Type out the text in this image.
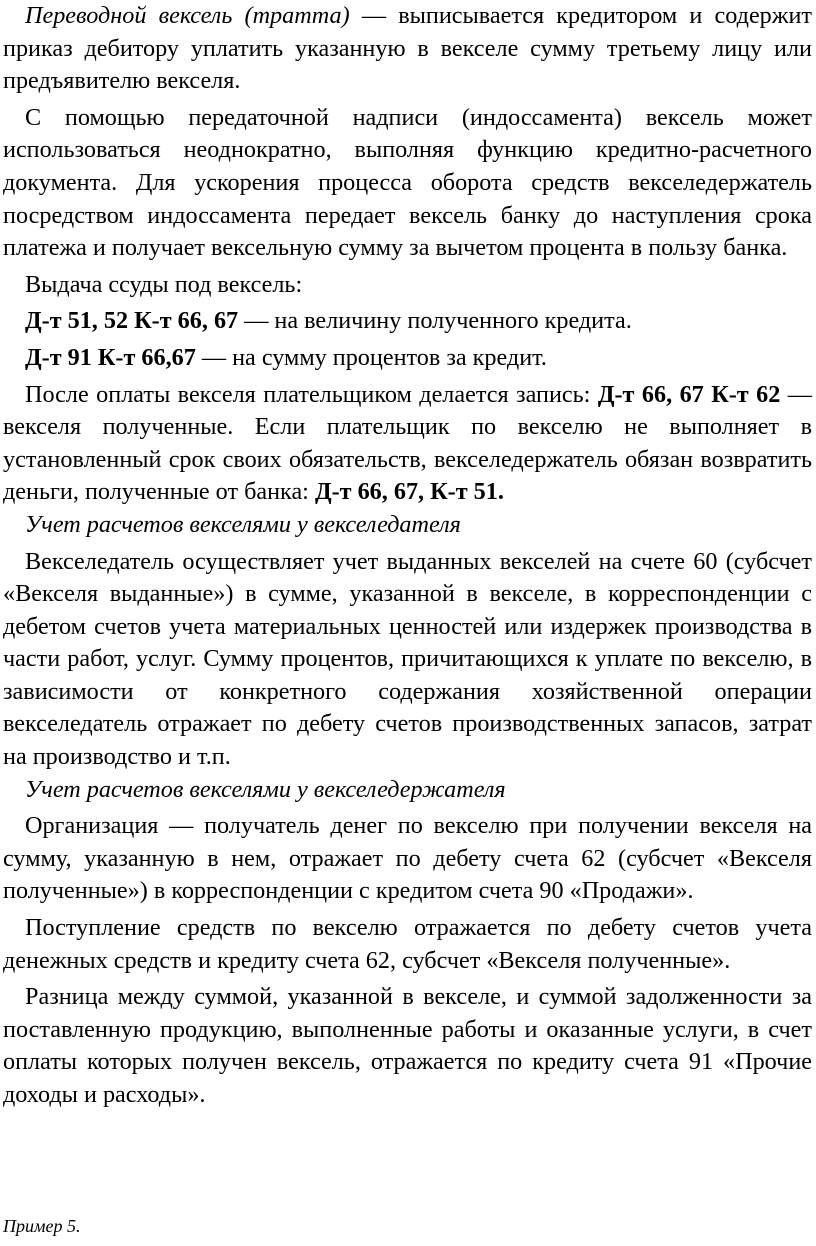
Переводной вексель (тратта) — выписывается кредитором и содержит приказ дебитору уплатить указанную в векселе сумму третьему лицу или предъявителю векселя.

С помощью передаточной надписи (индоссамента) вексель может использоваться неоднократно, выполняя функцию кредитно-расчетного документа. Для ускорения процесса оборота средств векселедержатель посредством индоссамента передает вексель банку до наступления срока платежа и получает вексельную сумму за вычетом процента в пользу банка.

Выдача ссуды под вексель:

Д-т 51, 52 К-т 66, 67 — на величину полученного кредита.

Д-т 91 К-т 66,67 — на сумму процентов за кредит.

После оплаты векселя плательщиком делается запись: Д-т 66, 67 К-т 62 — векселя полученные. Если плательщик по векселю не выполняет в установленный срок своих обязательств, векселедержатель обязан возвратить деньги, полученные от банка: Д-т 66, 67, К-т 51.

Учет расчетов векселями у векселедателя

Векселедатель осуществляет учет выданных векселей на счете 60 (субсчет «Векселя выданные») в сумме, указанной в векселе, в корреспонденции с дебетом счетов учета материальных ценностей или издержек производства в части работ, услуг. Сумму процентов, причитающихся к уплате по векселю, в зависимости от конкретного содержания хозяйственной операции векселедатель отражает по дебету счетов производственных запасов, затрат на производство и т.п.

Учет расчетов векселями у векселедержателя

Организация — получатель денег по векселю при получении векселя на сумму, указанную в нем, отражает по дебету счета 62 (субсчет «Векселя полученные») в корреспонденции с кредитом счета 90 «Продажи».

Поступление средств по векселю отражается по дебету счетов учета денежных средств и кредиту счета 62, субсчет «Векселя полученные».

Разница между суммой, указанной в векселе, и суммой задолженности за поставленную продукцию, выполненные работы и оказанные услуги, в счет оплаты которых получен вексель, отражается по кредиту счета 91 «Прочие доходы и расходы».

Пример 5.
